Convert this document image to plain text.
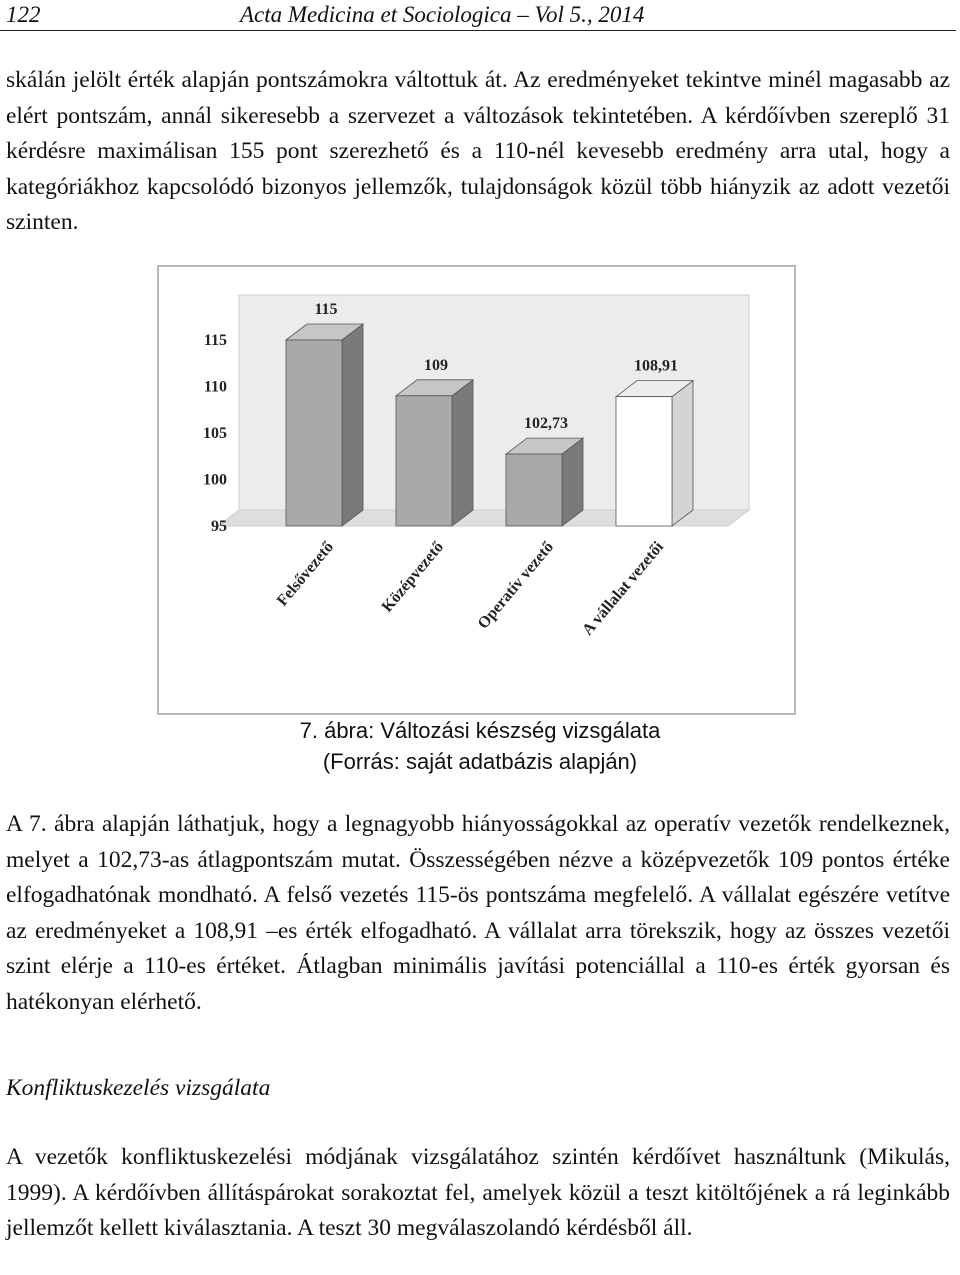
122	Acta Medicina et Sociologica – Vol 5., 2014

skálán jelölt érték alapján pontszámokra váltottuk át. Az eredményeket tekintve minél magasabb az elért pontszám, annál sikeresebb a szervezet a változások tekintetében. A kérdőívben szereplő 31 kérdésre maximálisan 155 pont szerezhető és a 110-nél kevesebb eredmény arra utal, hogy a kategóriákhoz kapcsolódó bizonyos jellemzők, tulajdonságok közül több hiányzik az adott vezetői szinten.

95
100
105
110
115
115
109
102,73
108,91
Felsővezető	Középvezető Operatív vezető A vállalat vezetői
7. ábra: Változási készség vizsgálata
(Forrás: saját adatbázis alapján)

A 7. ábra alapján láthatjuk, hogy a legnagyobb hiányosságokkal az operatív vezetők rendelkeznek, melyet a 102,73-as átlagpontszám mutat. Összességében nézve a középvezetők 109 pontos értéke elfogadhatónak mondható. A felső vezetés 115-ös pontszáma megfelelő. A vállalat egészére vetítve az eredményeket a 108,91 –es érték elfogadható. A vállalat arra törekszik, hogy az összes vezetői szint elérje a 110-es értéket. Átlagban minimális javítási potenciállal a 110-es érték gyorsan és hatékonyan elérhető.

Konfliktuskezelés vizsgálata

A vezetők konfliktuskezelési módjának vizsgálatához szintén kérdőívet használtunk (Mikulás, 1999). A kérdőívben állításpárokat sorakoztat fel, amelyek közül a teszt kitöltőjének a rá leginkább jellemzőt kellett kiválasztania. A teszt 30 megválaszolandó kérdésből áll.
